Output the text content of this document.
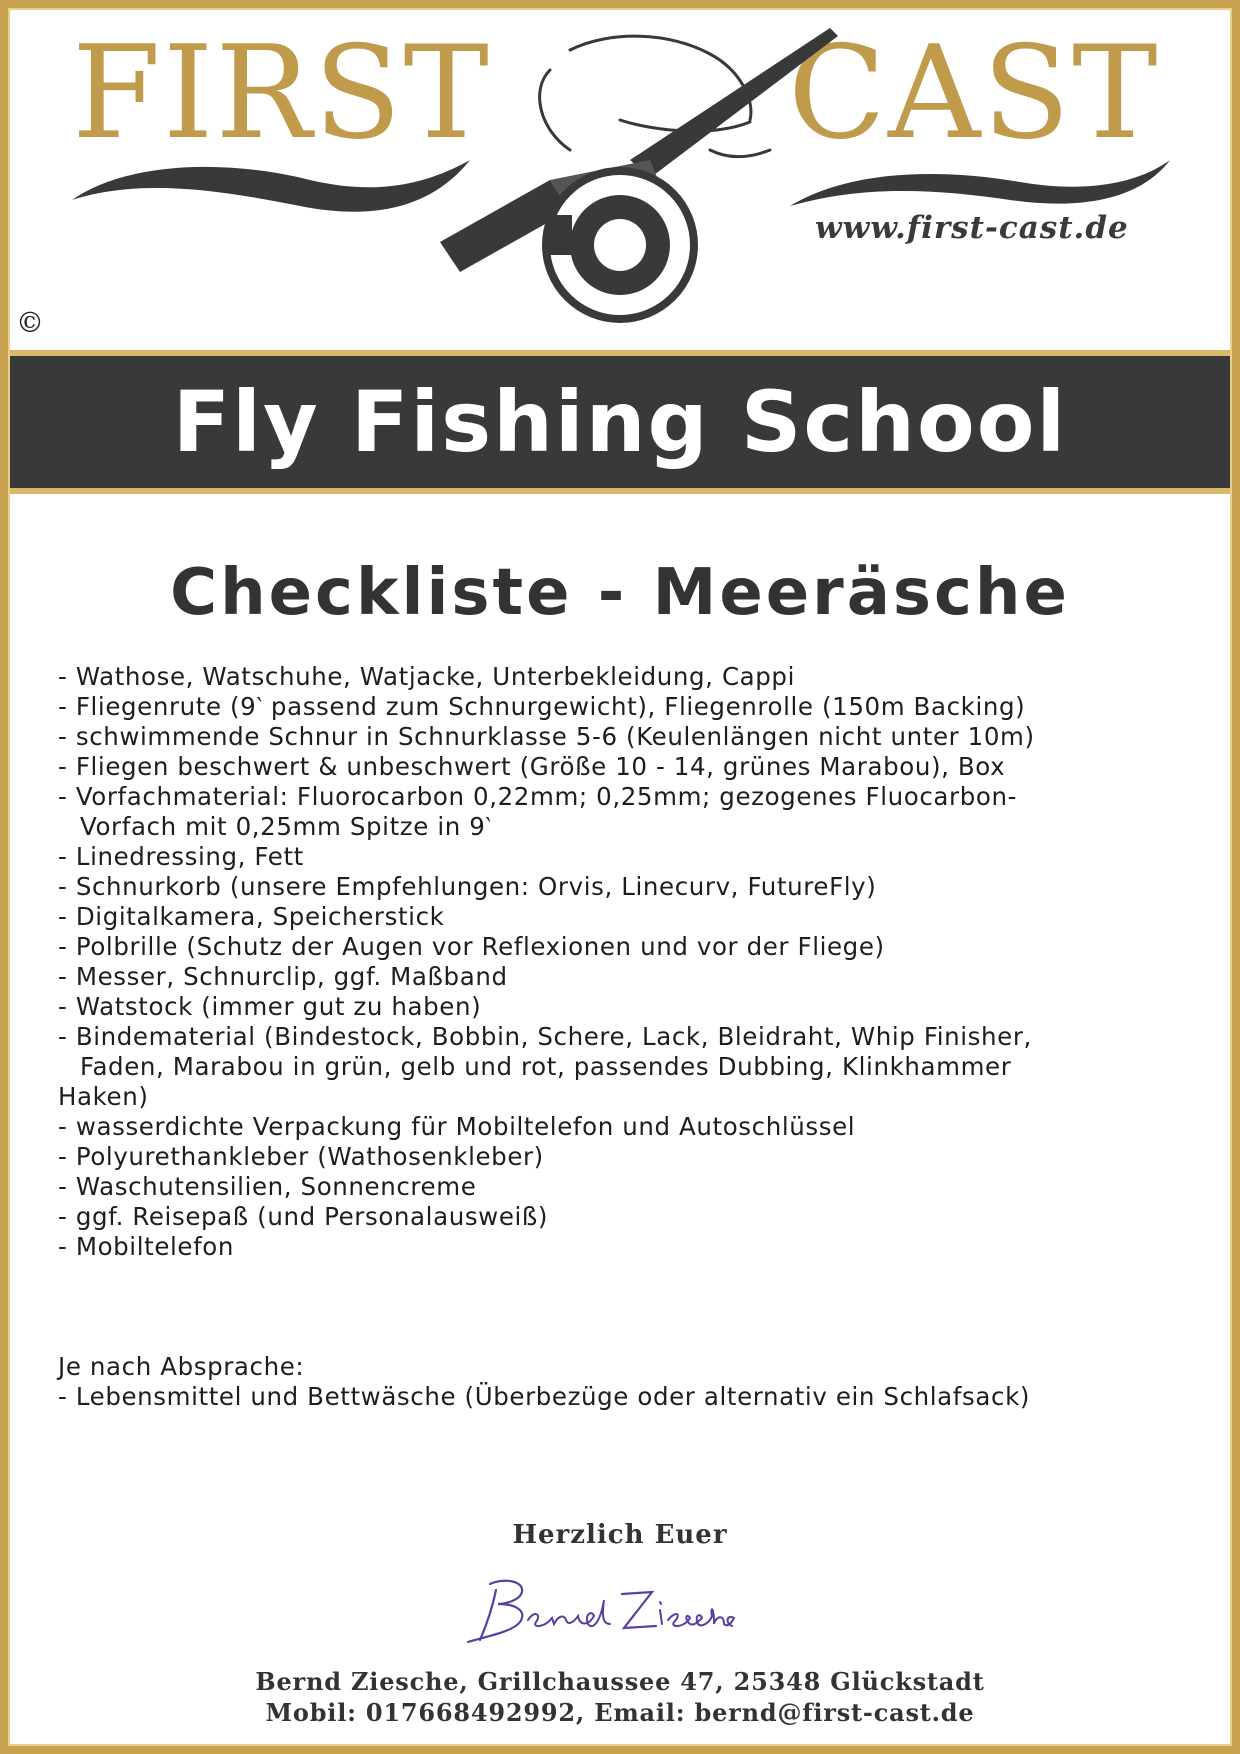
FIRST CAST
www.first-cast.de
©
Fly Fishing School
Checkliste - Meeräsche
- Wathose, Watschuhe, Watjacke, Unterbekleidung, Cappi
- Fliegenrute (9‵ passend zum Schnurgewicht), Fliegenrolle (150m Backing)
- schwimmende Schnur in Schnurklasse 5-6 (Keulenlängen nicht unter 10m)
- Fliegen beschwert & unbeschwert (Größe 10 - 14, grünes Marabou), Box
- Vorfachmaterial: Fluorocarbon 0,22mm; 0,25mm; gezogenes Fluocarbon-
Vorfach mit 0,25mm Spitze in 9‵
- Linedressing, Fett
- Schnurkorb (unsere Empfehlungen: Orvis, Linecurv, FutureFly)
- Digitalkamera, Speicherstick
- Polbrille (Schutz der Augen vor Reflexionen und vor der Fliege)
- Messer, Schnurclip, ggf. Maßband
- Watstock (immer gut zu haben)
- Bindematerial (Bindestock, Bobbin, Schere, Lack, Bleidraht, Whip Finisher,
Faden, Marabou in grün, gelb und rot, passendes Dubbing, Klinkhammer
Haken)
- wasserdichte Verpackung für Mobiltelefon und Autoschlüssel
- Polyurethankleber (Wathosenkleber)
- Waschutensilien, Sonnencreme
- ggf. Reisepaß (und Personalausweiß)
- Mobiltelefon
Je nach Absprache:
- Lebensmittel und Bettwäsche (Überbezüge oder alternativ ein Schlafsack)
Herzlich Euer
Bernd Ziesche, Grillchaussee 47, 25348 Glückstadt
Mobil: 017668492992, Email: bernd@first-cast.de
